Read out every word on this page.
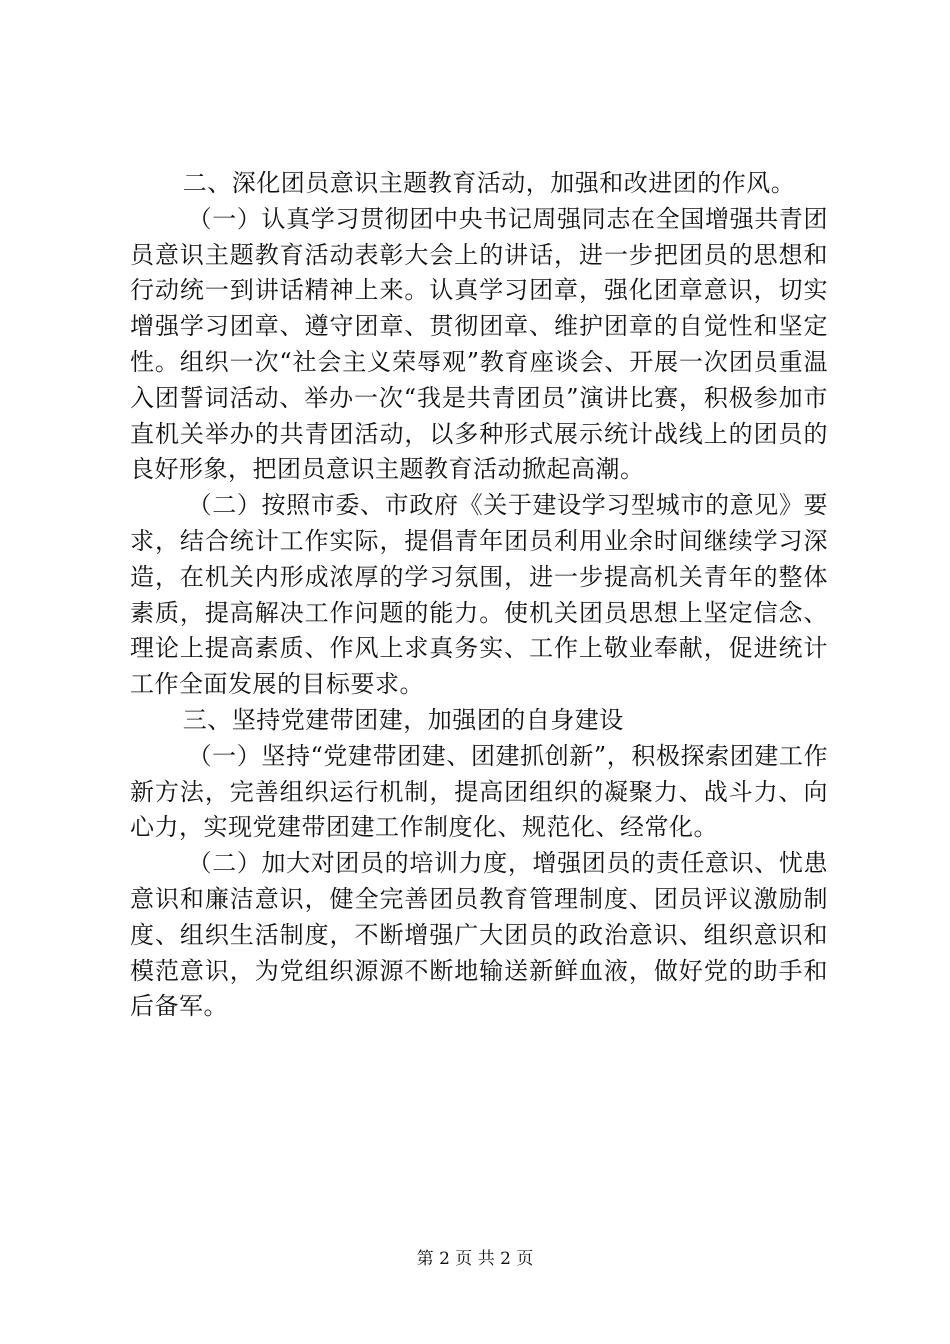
二、深化团员意识主题教育活动，加强和改进团的作风。

（一）认真学习贯彻团中央书记周强同志在全国增强共青团员意识主题教育活动表彰大会上的讲话，进一步把团员的思想和行动统一到讲话精神上来。认真学习团章，强化团章意识，切实增强学习团章、遵守团章、贯彻团章、维护团章的自觉性和坚定性。组织一次“社会主义荣辱观”教育座谈会、开展一次团员重温入团誓词活动、举办一次“我是共青团员”演讲比赛，积极参加市直机关举办的共青团活动，以多种形式展示统计战线上的团员的良好形象，把团员意识主题教育活动掀起高潮。

（二）按照市委、市政府《关于建设学习型城市的意见》要求，结合统计工作实际，提倡青年团员利用业余时间继续学习深造，在机关内形成浓厚的学习氛围，进一步提高机关青年的整体素质，提高解决工作问题的能力。使机关团员思想上坚定信念、理论上提高素质、作风上求真务实、工作上敬业奉献，促进统计工作全面发展的目标要求。

三、坚持党建带团建，加强团的自身建设

（一）坚持“党建带团建、团建抓创新”，积极探索团建工作新方法，完善组织运行机制，提高团组织的凝聚力、战斗力、向心力，实现党建带团建工作制度化、规范化、经常化。

（二）加大对团员的培训力度，增强团员的责任意识、忧患意识和廉洁意识，健全完善团员教育管理制度、团员评议激励制度、组织生活制度，不断增强广大团员的政治意识、组织意识和模范意识，为党组织源源不断地输送新鲜血液，做好党的助手和后备军。

第 2 页 共 2 页
